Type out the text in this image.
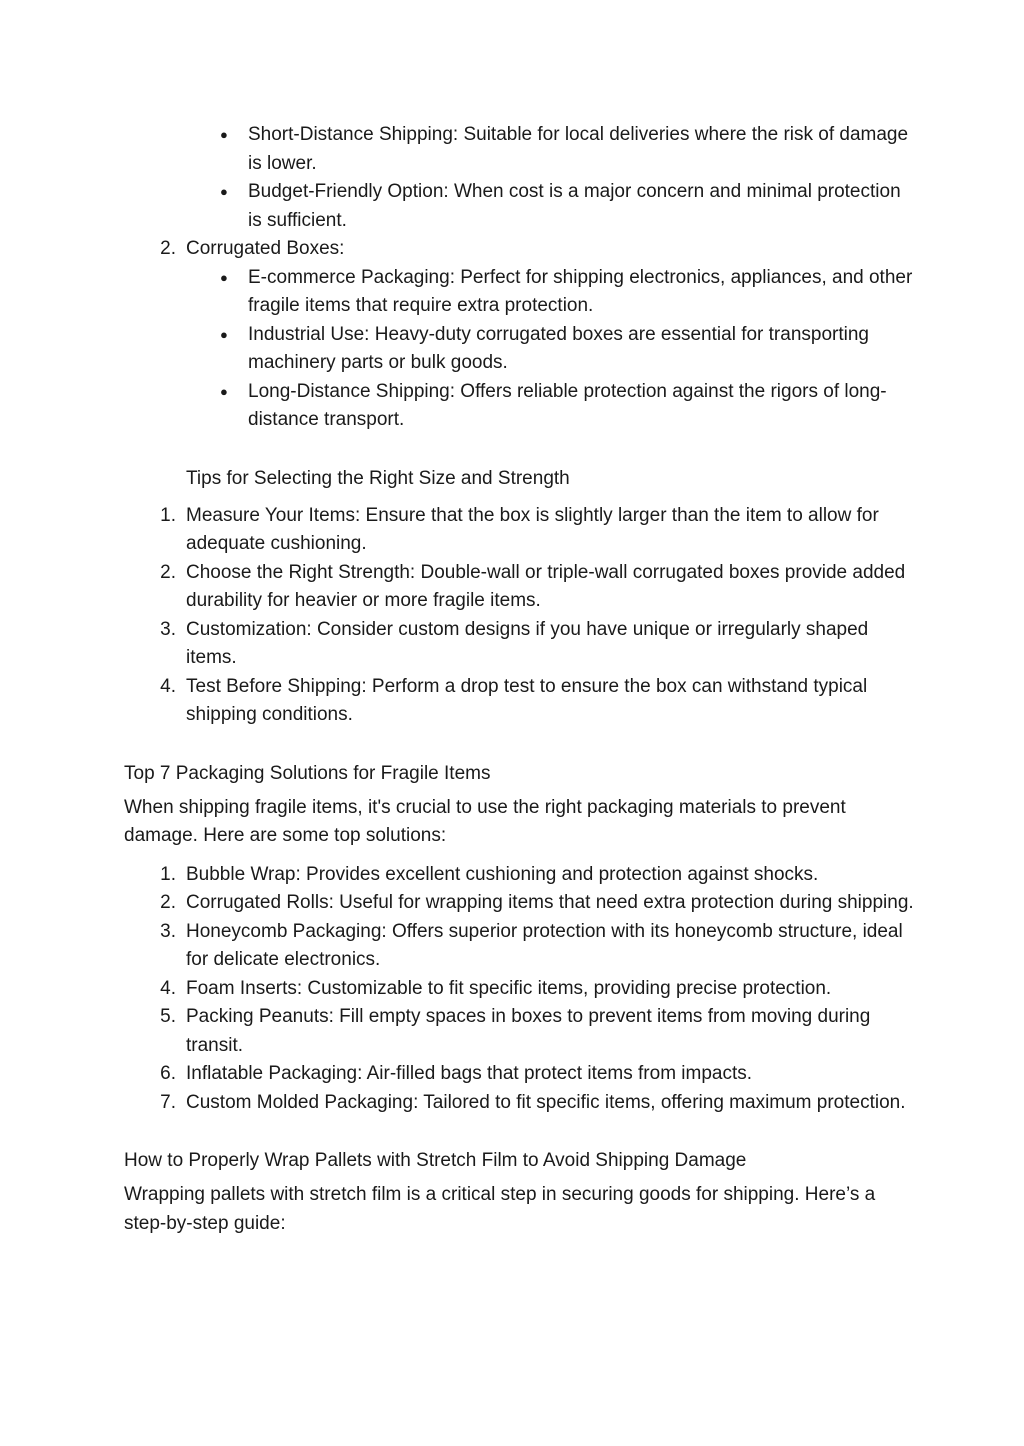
● Short-Distance Shipping: Suitable for local deliveries where the risk of damage is lower.
● Budget-Friendly Option: When cost is a major concern and minimal protection is sufficient.
2. Corrugated Boxes:
● E-commerce Packaging: Perfect for shipping electronics, appliances, and other fragile items that require extra protection.
● Industrial Use: Heavy-duty corrugated boxes are essential for transporting machinery parts or bulk goods.
● Long-Distance Shipping: Offers reliable protection against the rigors of long-distance transport.
Tips for Selecting the Right Size and Strength
1. Measure Your Items: Ensure that the box is slightly larger than the item to allow for adequate cushioning.
2. Choose the Right Strength: Double-wall or triple-wall corrugated boxes provide added durability for heavier or more fragile items.
3. Customization: Consider custom designs if you have unique or irregularly shaped items.
4. Test Before Shipping: Perform a drop test to ensure the box can withstand typical shipping conditions.
Top 7 Packaging Solutions for Fragile Items

When shipping fragile items, it's crucial to use the right packaging materials to prevent damage. Here are some top solutions:

1. Bubble Wrap: Provides excellent cushioning and protection against shocks.
2. Corrugated Rolls: Useful for wrapping items that need extra protection during shipping.
3. Honeycomb Packaging: Offers superior protection with its honeycomb structure, ideal for delicate electronics.
4. Foam Inserts: Customizable to fit specific items, providing precise protection.
5. Packing Peanuts: Fill empty spaces in boxes to prevent items from moving during transit.
6. Inflatable Packaging: Air-filled bags that protect items from impacts.
7. Custom Molded Packaging: Tailored to fit specific items, offering maximum protection.
How to Properly Wrap Pallets with Stretch Film to Avoid Shipping Damage

Wrapping pallets with stretch film is a critical step in securing goods for shipping. Here’s a step-by-step guide:
